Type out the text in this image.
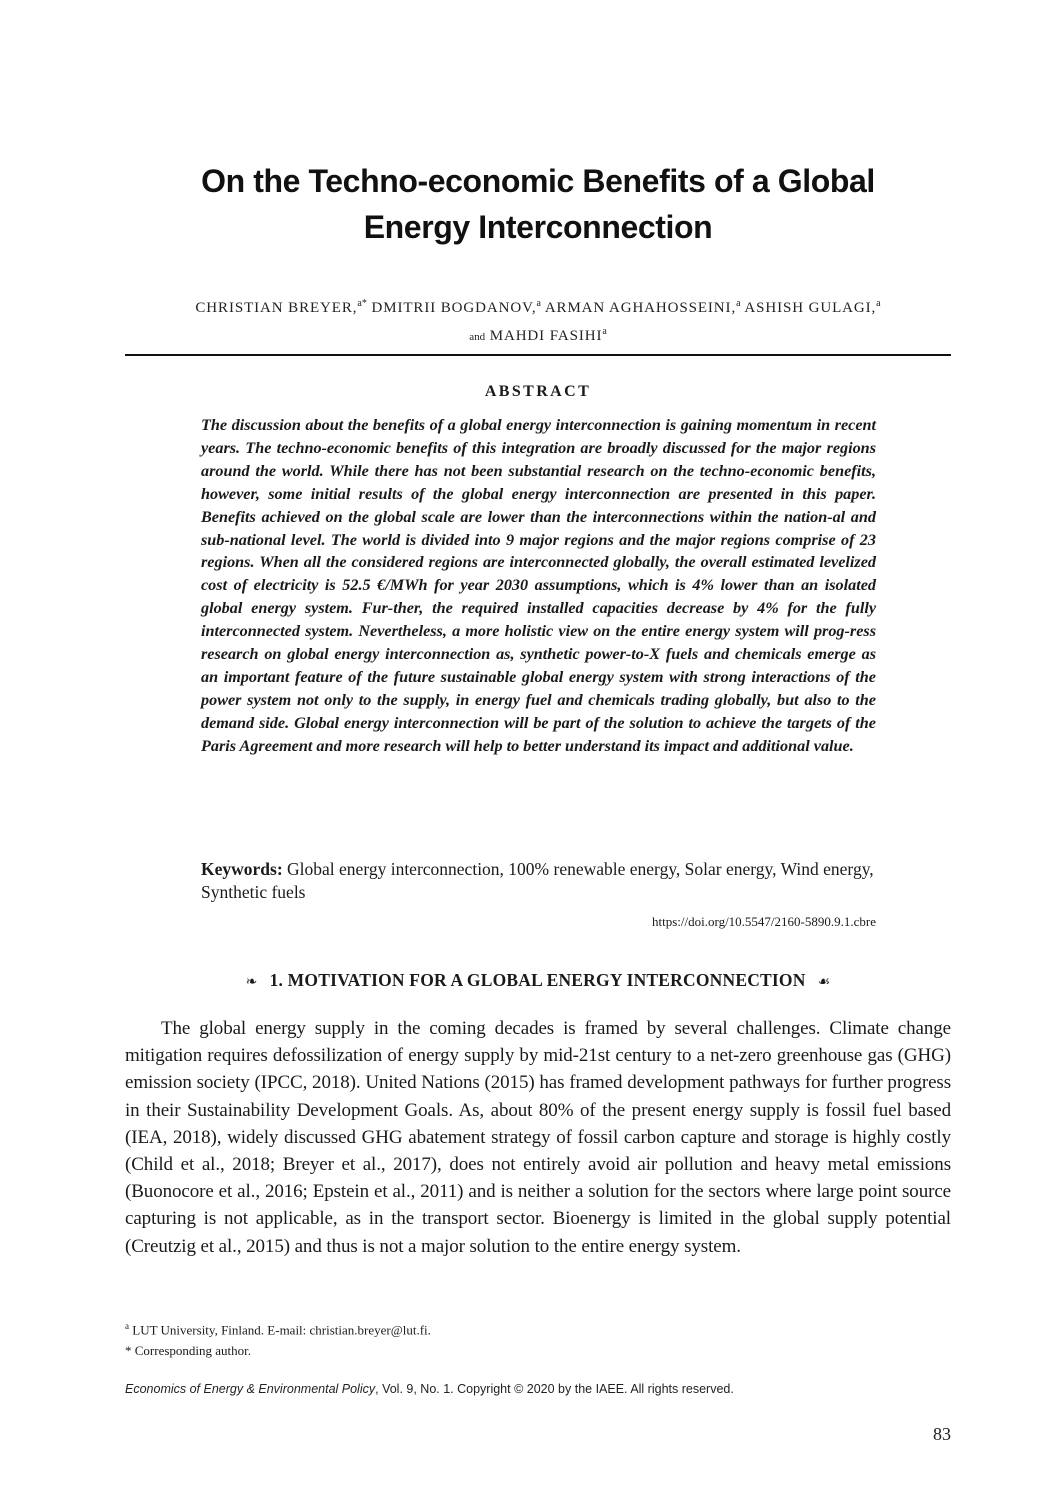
On the Techno-economic Benefits of a Global
Energy Interconnection
CHRISTIAN BREYER,$^{a*}$ DMITRII BOGDANOV,$^a$ ARMAN AGHAHOSSEINI,$^a$ ASHISH GULAGI,$^a$
and MAHDI FASIHI$^a$
ABSTRACT
The discussion about the benefits of a global energy interconnection is gaining momentum in recent years. The techno-economic benefits of this integration are broadly discussed for the major regions around the world. While there has not been substantial research on the techno-economic benefits, however, some initial results of the global energy interconnection are presented in this paper. Benefits achieved on the global scale are lower than the interconnections within the nation-al and sub-national level. The world is divided into 9 major regions and the major regions comprise of 23 regions. When all the considered regions are interconnected globally, the overall estimated levelized cost of electricity is 52.5 €/MWh for year 2030 assumptions, which is 4% lower than an isolated global energy system. Fur-ther, the required installed capacities decrease by 4% for the fully interconnected system. Nevertheless, a more holistic view on the entire energy system will prog-ress research on global energy interconnection as, synthetic power-to-X fuels and chemicals emerge as an important feature of the future sustainable global energy system with strong interactions of the power system not only to the supply, in energy fuel and chemicals trading globally, but also to the demand side. Global energy interconnection will be part of the solution to achieve the targets of the Paris Agreement and more research will help to better understand its impact and additional value.
Keywords: Global energy interconnection, 100% renewable energy, Solar energy, Wind energy, Synthetic fuels
https://doi.org/10.5547/2160-5890.9.1.cbre
❧ 1. MOTIVATION FOR A GLOBAL ENERGY INTERCONNECTION ☙
The global energy supply in the coming decades is framed by several challenges. Climate change mitigation requires defossilization of energy supply by mid-21st century to a net-zero greenhouse gas (GHG) emission society (IPCC, 2018). United Nations (2015) has framed development pathways for further progress in their Sustainability Development Goals. As, about 80% of the present energy supply is fossil fuel based (IEA, 2018), widely discussed GHG abatement strategy of fossil carbon capture and storage is highly costly (Child et al., 2018; Breyer et al., 2017), does not entirely avoid air pollution and heavy metal emissions (Buonocore et al., 2016; Epstein et al., 2011) and is neither a solution for the sectors where large point source capturing is not applicable, as in the transport sector. Bioenergy is limited in the global supply potential (Creutzig et al., 2015) and thus is not a major solution to the entire energy system.
$^a$ LUT University, Finland. E-mail: christian.breyer@lut.fi.
* Corresponding author.
Economics of Energy & Environmental Policy, Vol. 9, No. 1. Copyright © 2020 by the IAEE. All rights reserved.
83
